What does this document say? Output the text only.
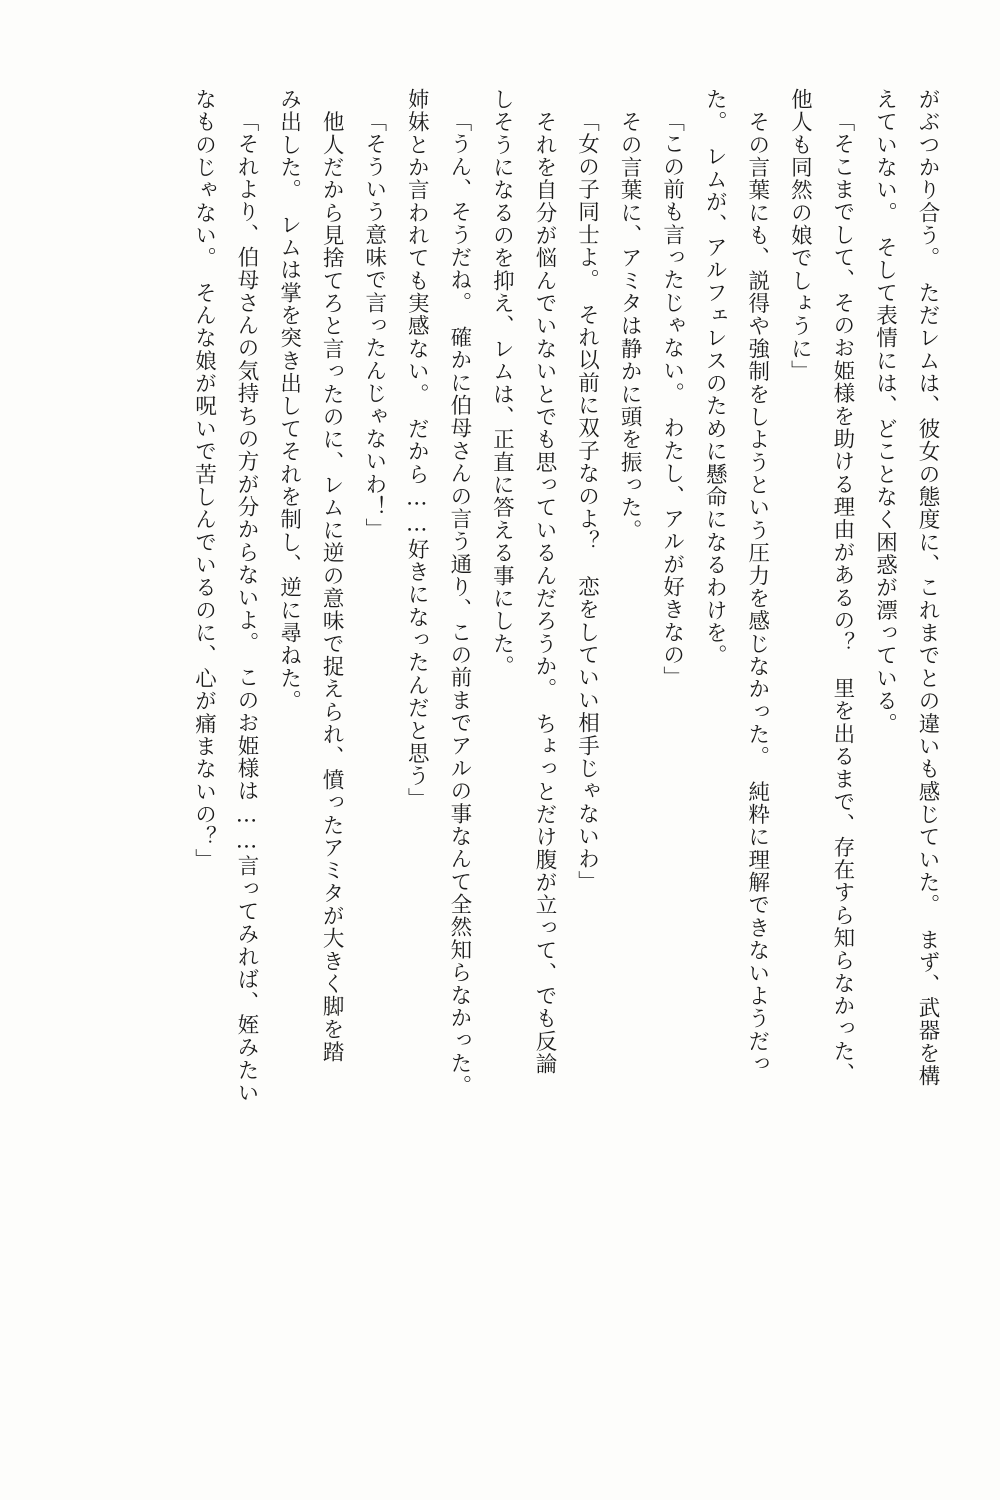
がぶつかり合う。　ただレムは、彼女の態度に、これまでとの違いも感じていた。　まず、武器を構
えていない。　そして表情には、どことなく困惑が漂っている。
「そこまでして、そのお姫様を助ける理由があるの？　里を出るまで、存在すら知らなかった、
他人も同然の娘でしょうに」
　その言葉にも、説得や強制をしようという圧力を感じなかった。　純粋に理解できないようだっ
た。　レムが、アルフェレスのために懸命になるわけを。
「この前も言ったじゃない。　わたし、アルが好きなの」
　その言葉に、アミタは静かに頭を振った。
「女の子同士よ。　それ以前に双子なのよ？　恋をしていい相手じゃないわ」
　それを自分が悩んでいないとでも思っているんだろうか。　ちょっとだけ腹が立って、でも反論
しそうになるのを抑え、レムは、正直に答える事にした。
「うん、そうだね。　確かに伯母さんの言う通り、この前までアルの事なんて全然知らなかった。
姉妹とか言われても実感ない。　だから……好きになったんだと思う」
「そういう意味で言ったんじゃないわ！」
　他人だから見捨てろと言ったのに、レムに逆の意味で捉えられ、憤ったアミタが大きく脚を踏
み出した。　レムは掌を突き出してそれを制し、逆に尋ねた。
「それより、伯母さんの気持ちの方が分からないよ。　このお姫様は……言ってみれば、姪みたい
なものじゃない。　そんな娘が呪いで苦しんでいるのに、心が痛まないの？」
